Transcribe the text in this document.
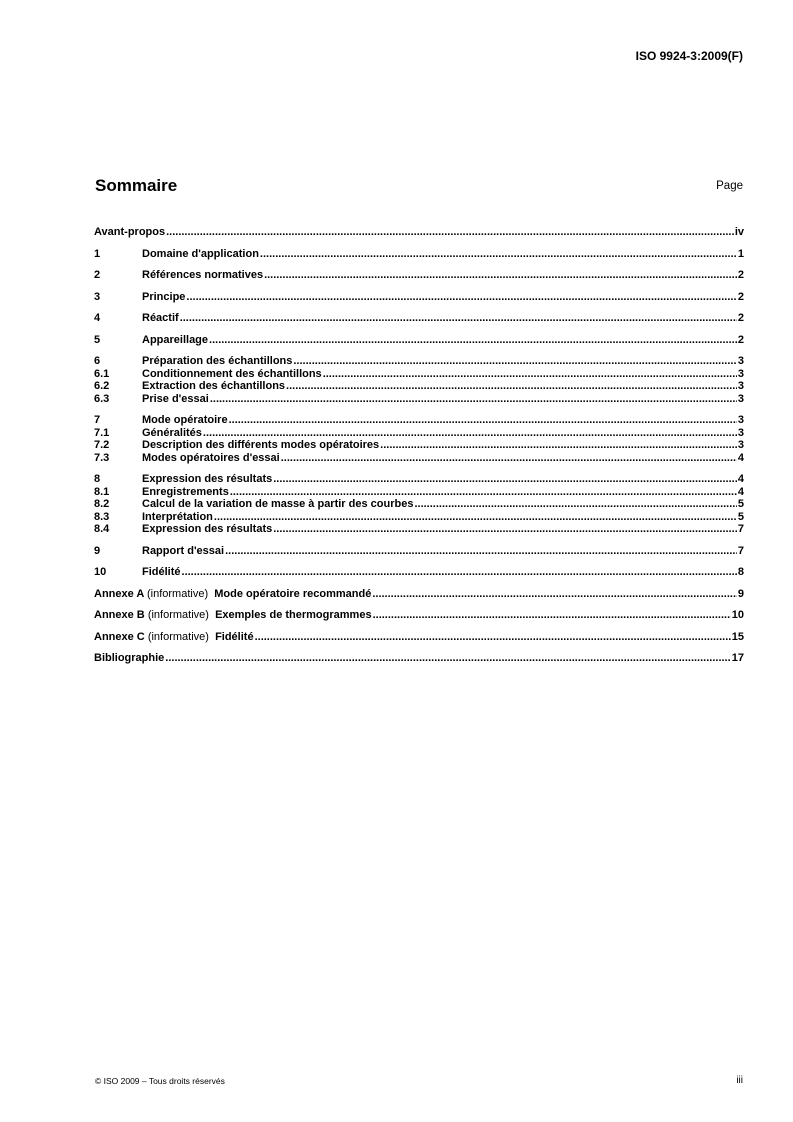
ISO 9924-3:2009(F)
Sommaire	Page
Avant-propos .....	iv
1	Domaine d'application .....	1
2	Références normatives .....	2
3	Principe .....	2
4	Réactif .....	2
5	Appareillage .....	2
6	Préparation des échantillons .....	3
6.1	Conditionnement des échantillons .....	3
6.2	Extraction des échantillons .....	3
6.3	Prise d'essai .....	3
7	Mode opératoire .....	3
7.1	Généralités .....	3
7.2	Description des différents modes opératoires .....	3
7.3	Modes opératoires d'essai .....	4
8	Expression des résultats .....	4
8.1	Enregistrements .....	4
8.2	Calcul de la variation de masse à partir des courbes .....	5
8.3	Interprétation .....	5
8.4	Expression des résultats .....	7
9	Rapport d'essai .....	7
10	Fidélité .....	8
Annexe A (informative) Mode opératoire recommandé .....	9
Annexe B (informative) Exemples de thermogrammes .....	10
Annexe C (informative) Fidélité .....	15
Bibliographie .....	17
© ISO 2009 – Tous droits réservés	iii
